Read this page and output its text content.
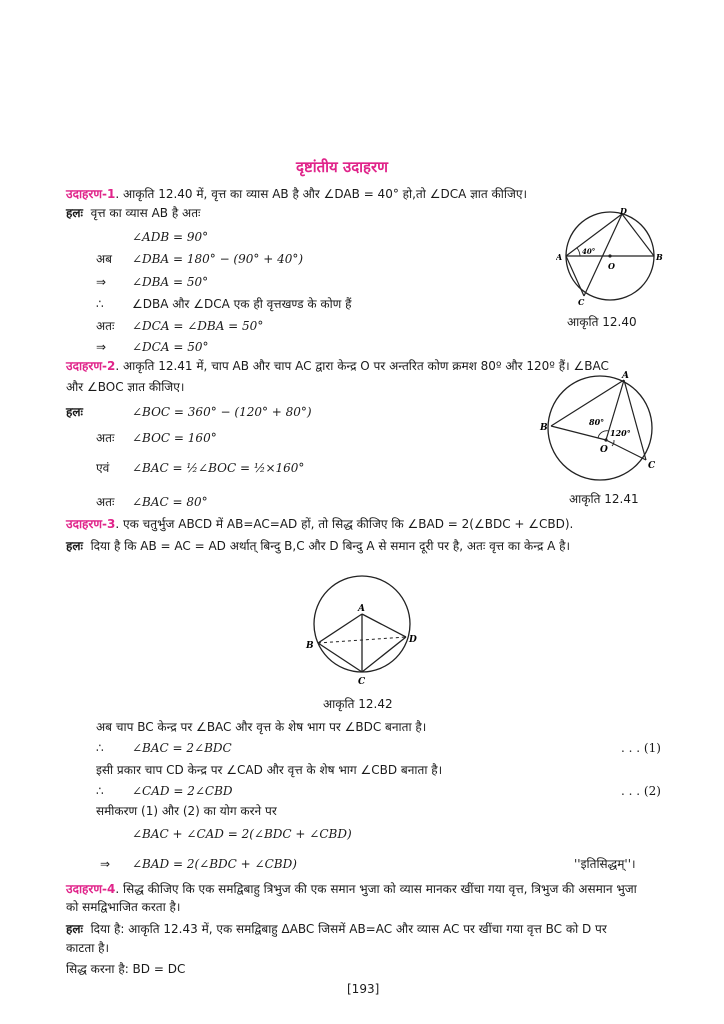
दृष्टांतीय उदाहरण
उदाहरण-1. आकृति 12.40 में, वृत्त का व्यास AB है और ∠DAB = 40° हो,तो ∠DCA ज्ञात कीजिए।
हलः वृत्त का व्यास AB है अतः
∠ADB = 90°
अब ∠DBA = 180° − (90° + 40°)
⇒ ∠DBA = 50°
∴ ∠DBA और ∠DCA एक ही वृत्तखण्ड के कोण हैं
अतः ∠DCA = ∠DBA = 50°
⇒ ∠DCA = 50°
A	B
C
D
O
40°
आकृति 12.40
उदाहरण-2. आकृति 12.41 में, चाप AB और चाप AC द्वारा केन्द्र O पर अन्तरित कोण क्रमश 80º और 120º हैं। ∠BAC
और ∠BOC ज्ञात कीजिए।
हलः	∠BOC = 360° − (120° + 80°)
अतः ∠BOC = 160°
एवं ∠BAC = ½∠BOC = ½×160°
अतः ∠BAC = 80°
A
B
C
O
80°
120°
आकृति 12.41
उदाहरण-3. एक चतुर्भुज ABCD में AB=AC=AD हों, तो सिद्ध कीजिए कि ∠BAD = 2(∠BDC + ∠CBD).
हलः दिया है कि AB = AC = AD अर्थात् बिन्दु B,C और D बिन्दु A से समान दूरी पर है, अतः वृत्त का केन्द्र A है।
A
B
C
D
आकृति 12.42
अब चाप BC केन्द्र पर ∠BAC और वृत्त के शेष भाग पर ∠BDC बनाता है।
∴ ∠BAC = 2∠BDC	. . . (1)
इसी प्रकार चाप CD केन्द्र पर ∠CAD और वृत्त के शेष भाग ∠CBD बनाता है।
∴ ∠CAD = 2∠CBD	. . . (2)
समीकरण (1) और (2) का योग करने पर
∠BAC + ∠CAD = 2(∠BDC + ∠CBD)
⇒ ∠BAD = 2(∠BDC + ∠CBD)	''इतिसिद्धम्''।
उदाहरण-4. सिद्ध कीजिए कि एक समद्विबाहु त्रिभुज की एक समान भुजा को व्यास मानकर खींचा गया वृत्त, त्रिभुज की असमान भुजा
को समद्विभाजित करता है।
हलः दिया है: आकृति 12.43 में, एक समद्विबाहु ΔABC जिसमें AB=AC और व्यास AC पर खींचा गया वृत्त BC को D पर
काटता है।
सिद्ध करना है: BD = DC
[193]
